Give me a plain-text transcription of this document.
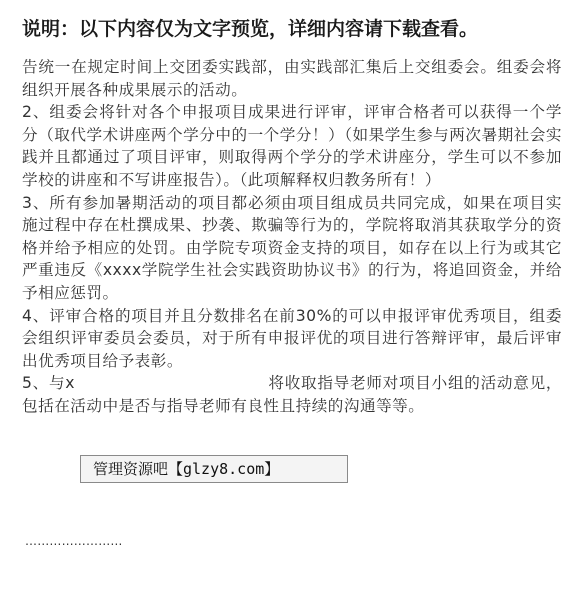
说明：以下内容仅为文字预览，详细内容请下载查看。

告统一在规定时间上交团委实践部，由实践部汇集后上交组委会。组委会将组织开展各种成果展示的活动。

2、组委会将针对各个申报项目成果进行评审，评审合格者可以获得一个学分（取代学术讲座两个学分中的一个学分！）（如果学生参与两次暑期社会实践并且都通过了项目评审，则取得两个学分的学术讲座分，学生可以不参加学校的讲座和不写讲座报告）。（此项解释权归教务所有！）

3、所有参加暑期活动的项目都必须由项目组成员共同完成，如果在项目实施过程中存在杜撰成果、抄袭、欺骗等行为的，学院将取消其获取学分的资格并给予相应的处罚。由学院专项资金支持的项目，如存在以上行为或其它严重违反《xxxx学院学生社会实践资助协议书》的行为，将追回资金，并给予相应惩罚。

4、评审合格的项目并且分数排名在前30%的可以申报评审优秀项目，组委会组织评审委员会委员，对于所有申报评优的项目进行答辩评审，最后评审出优秀项目给予表彰。

5、与x                                  将收取指导老师对项目小组的活动意见，包括在活动中是否与指导老师有良性且持续的沟通等等。

管理资源吧【glzy8.com】
……………………
